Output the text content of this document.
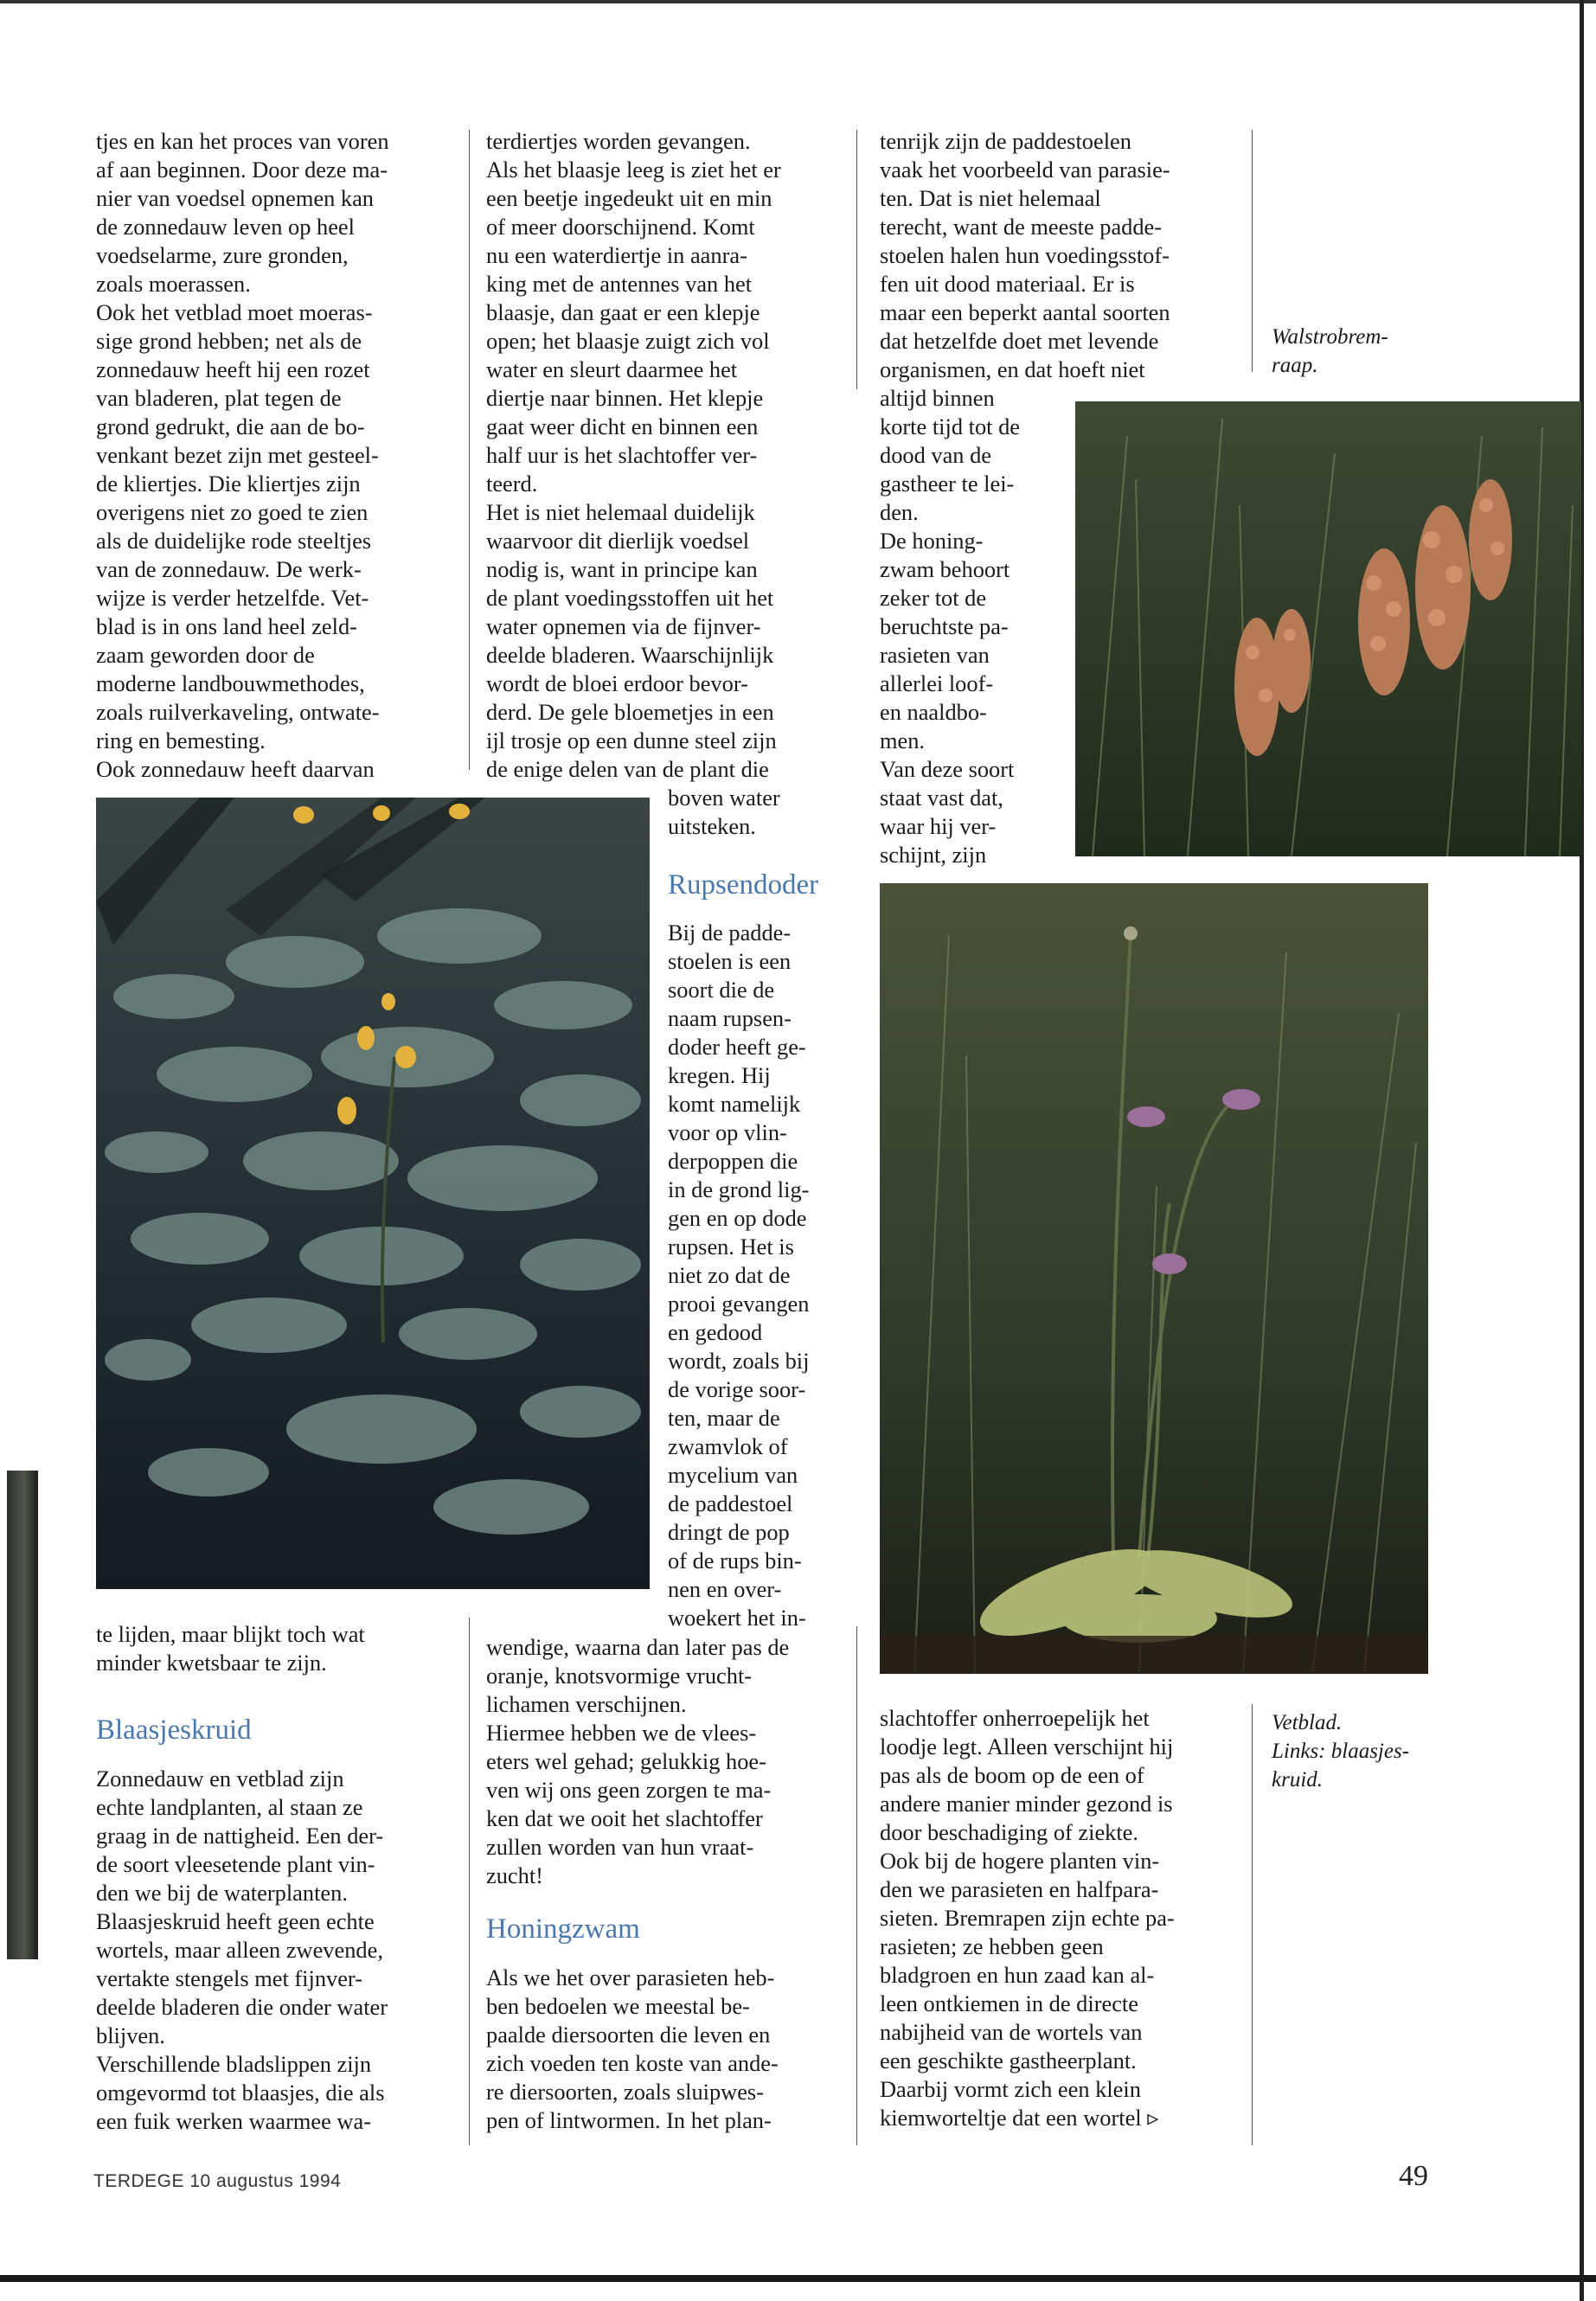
tjes en kan het proces van voren

af aan beginnen. Door deze ma-

nier van voedsel opnemen kan

de zonnedauw leven op heel

voedselarme, zure gronden,

zoals moerassen.

Ook het vetblad moet moeras-

sige grond hebben; net als de

zonnedauw heeft hij een rozet

van bladeren, plat tegen de

grond gedrukt, die aan de bo-

venkant bezet zijn met gesteel-

de kliertjes. Die kliertjes zijn

overigens niet zo goed te zien

als de duidelijke rode steeltjes

van de zonnedauw. De werk-

wijze is verder hetzelfde. Vet-

blad is in ons land heel zeld-

zaam geworden door de

moderne landbouwmethodes,

zoals ruilverkaveling, ontwate-

ring en bemesting.

Ook zonnedauw heeft daarvan

te lijden, maar blijkt toch wat

minder kwetsbaar te zijn.

Blaasjeskruid

Zonnedauw en vetblad zijn

echte landplanten, al staan ze

graag in de nattigheid. Een der-

de soort vleesetende plant vin-

den we bij de waterplanten.

Blaasjeskruid heeft geen echte

wortels, maar alleen zwevende,

vertakte stengels met fijnver-

deelde bladeren die onder water

blijven.

Verschillende bladslippen zijn

omgevormd tot blaasjes, die als

een fuik werken waarmee wa-

terdiertjes worden gevangen.

Als het blaasje leeg is ziet het er

een beetje ingedeukt uit en min

of meer doorschijnend. Komt

nu een waterdiertje in aanra-

king met de antennes van het

blaasje, dan gaat er een klepje

open; het blaasje zuigt zich vol

water en sleurt daarmee het

diertje naar binnen. Het klepje

gaat weer dicht en binnen een

half uur is het slachtoffer ver-

teerd.

Het is niet helemaal duidelijk

waarvoor dit dierlijk voedsel

nodig is, want in principe kan

de plant voedingsstoffen uit het

water opnemen via de fijnver-

deelde bladeren. Waarschijnlijk

wordt de bloei erdoor bevor-

derd. De gele bloemetjes in een

ijl trosje op een dunne steel zijn

de enige delen van de plant die

boven water

uitsteken.

Rupsendoder

Bij de padde-

stoelen is een

soort die de

naam rupsen-

doder heeft ge-

kregen. Hij

komt namelijk

voor op vlin-

derpoppen die

in de grond lig-

gen en op dode

rupsen. Het is

niet zo dat de

prooi gevangen

en gedood

wordt, zoals bij

de vorige soor-

ten, maar de

zwamvlok of

mycelium van

de paddestoel

dringt de pop

of de rups bin-

nen en over-

woekert het in-

wendige, waarna dan later pas de

oranje, knotsvormige vrucht-

lichamen verschijnen.

Hiermee hebben we de vlees-

eters wel gehad; gelukkig hoe-

ven wij ons geen zorgen te ma-

ken dat we ooit het slachtoffer

zullen worden van hun vraat-

zucht!

Honingzwam

Als we het over parasieten heb-

ben bedoelen we meestal be-

paalde diersoorten die leven en

zich voeden ten koste van ande-

re diersoorten, zoals sluipwes-

pen of lintwormen. In het plan-

tenrijk zijn de paddestoelen

vaak het voorbeeld van parasie-

ten. Dat is niet helemaal

terecht, want de meeste padde-

stoelen halen hun voedingsstof-

fen uit dood materiaal. Er is

maar een beperkt aantal soorten

dat hetzelfde doet met levende

organismen, en dat hoeft niet

altijd binnen

korte tijd tot de

dood van de

gastheer te lei-

den.

De honing-

zwam behoort

zeker tot de

beruchtste pa-

rasieten van

allerlei loof-

en naaldbo-

men.

Van deze soort

staat vast dat,

waar hij ver-

schijnt, zijn

Walstrobrem-

raap.

Vetblad.

Links: blaasjes-

kruid.

slachtoffer onherroepelijk het

loodje legt. Alleen verschijnt hij

pas als de boom op de een of

andere manier minder gezond is

door beschadiging of ziekte.

Ook bij de hogere planten vin-

den we parasieten en halfpara-

sieten. Bremrapen zijn echte pa-

rasieten; ze hebben geen

bladgroen en hun zaad kan al-

leen ontkiemen in de directe

nabijheid van de wortels van

een geschikte gastheerplant.

Daarbij vormt zich een klein

kiemworteltje dat een wortel ▹

TERDEGE 10 augustus 1994	49
